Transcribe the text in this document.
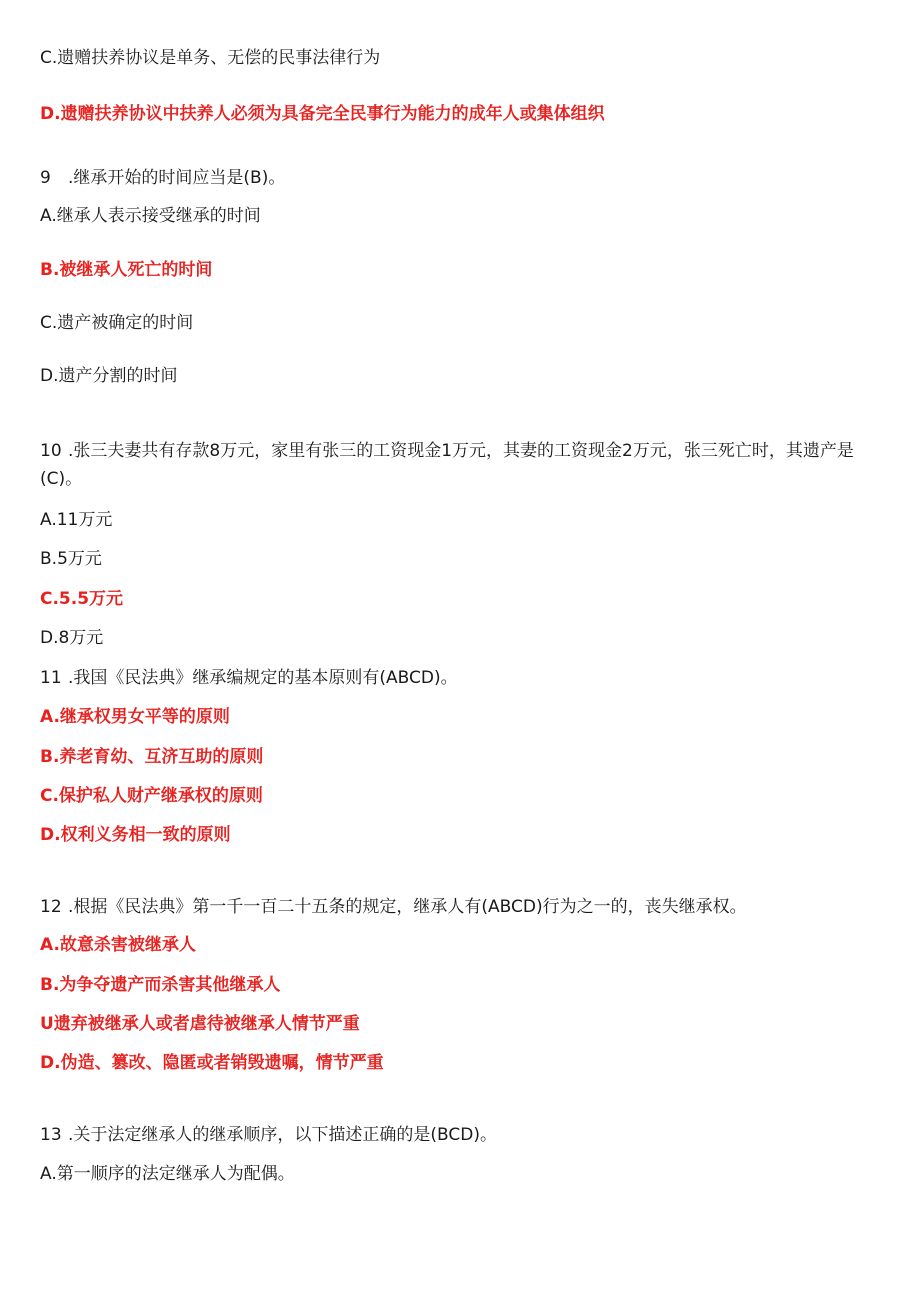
C.遗赠扶养协议是单务、无偿的民事法律行为
D.遗赠扶养协议中扶养人必须为具备完全民事行为能力的成年人或集体组织
9 .继承开始的时间应当是(B)。
A.继承人表示接受继承的时间
B.被继承人死亡的时间
C.遗产被确定的时间
D.遗产分割的时间
10 .张三夫妻共有存款8万元，家里有张三的工资现金1万元，其妻的工资现金2万元，张三死亡时，其遗产是(C)。
A.11万元
B.5万元
C.5.5万元
D.8万元
11 .我国《民法典》继承编规定的基本原则有(ABCD)。
A.继承权男女平等的原则
B.养老育幼、互济互助的原则
C.保护私人财产继承权的原则
D.权利义务相一致的原则
12 .根据《民法典》第一千一百二十五条的规定，继承人有(ABCD)行为之一的，丧失继承权。
A.故意杀害被继承人
B.为争夺遗产而杀害其他继承人
U遗弃被继承人或者虐待被继承人情节严重
D.伪造、篡改、隐匿或者销毁遗嘱，情节严重
13 .关于法定继承人的继承顺序，以下描述正确的是(BCD)。
A.第一顺序的法定继承人为配偶。
